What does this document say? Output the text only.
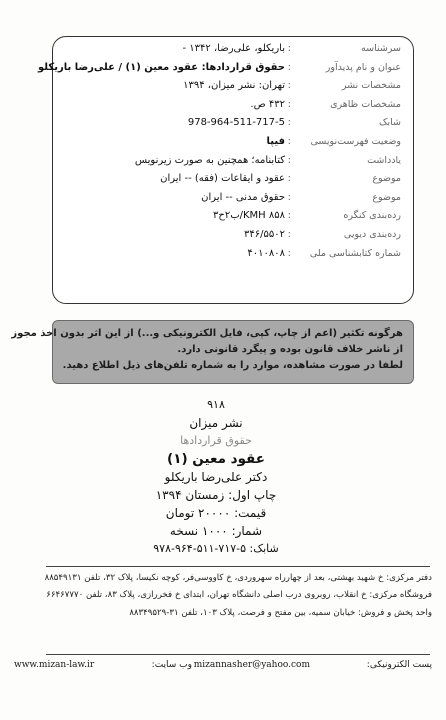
سرشناسه
:
باریکلو، علی‌رضا، ۱۳۴۲ -
عنوان و نام پدیدآور
:
حقوق قراردادها: عقود معین (۱) / علی‌رضا باریکلو
مشخصات نشر
:
تهران: نشر میزان، ۱۳۹۴
مشخصات ظاهری
:
۴۳۲ ص.
شابک
:
978-964-511-717-5
وضعیت فهرست‌نویسی
:
فیپا
یادداشت
:
کتابنامه؛ همچنین به صورت زیرنویس
موضوع
:
عقود و ایقاعات (فقه) -- ایران
موضوع
:
حقوق مدنی -- ایران
رده‌بندی کنگره
:
KMH ۸۵۸/ب۲ح۳
رده‌بندی دیویی
:
۳۴۶/۵۵۰۲
شماره کتابشناسی ملی
:
۴۰۱۰۸۰۸
هرگونه تکثیر (اعم از چاپ، کپی، فایل الکترونیکی و...) از این اثر بدون اخذ مجوز
از ناشر خلاف قانون بوده و پیگرد قانونی دارد.
لطفا در صورت مشاهده، موارد را به شماره تلفن‌های ذیل اطلاع دهید.
۹۱۸
نشر میزان
حقوق قراردادها
عقود معین (۱)
دکتر علی‌رضا باریکلو
چاپ اول: زمستان ۱۳۹۴
قیمت: ۲۰۰۰۰ تومان
شمار: ۱۰۰۰ نسخه
شابک: ۵-۷۱۷-۵۱۱-۹۶۴-۹۷۸
دفتر مرکزی: خ شهید بهشتی، بعد از چهارراه سهروردی، خ کاووسی‌فر، کوچه نکیسا، پلاک ۳۲، تلفن ۸۸۵۴۹۱۳۱
فروشگاه مرکزی: خ انقلاب، روبروی درب اصلی دانشگاه تهران، ابتدای خ فخررازی، پلاک ۸۳، تلفن ۶۶۴۶۷۷۷۰
واحد پخش و فروش: خیابان سمیه، بین مفتح و فرصت، پلاک ۱۰۳، تلفن ۳۱-۸۸۳۴۹۵۲۹
پست الکترونیکی:
mizannasher@yahoo.com
وب سایت:
www.mizan-law.ir
